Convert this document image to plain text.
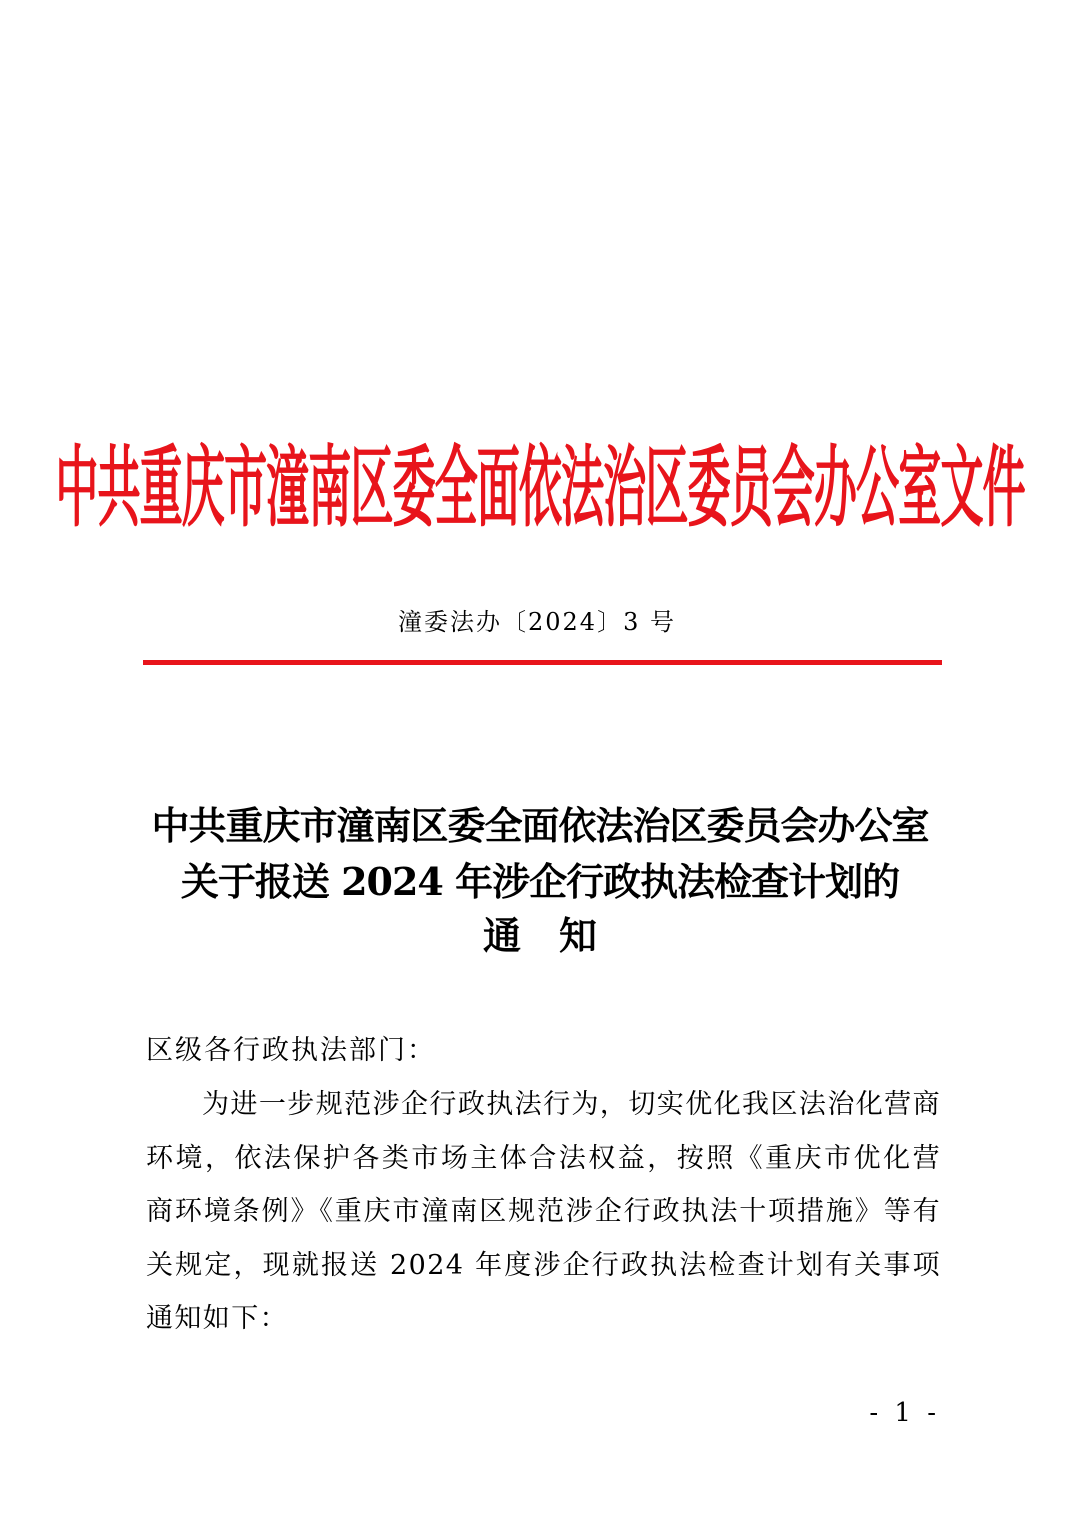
中共重庆市潼南区委全面依法治区委员会办公室文件
潼委法办〔2024〕3 号
中共重庆市潼南区委全面依法治区委员会办公室
关于报送 2024 年涉企行政执法检查计划的
通知
区级各行政执法部门：

为进一步规范涉企行政执法行为，切实优化我区法治化营商环境，依法保护各类市场主体合法权益，按照《重庆市优化营商环境条例》《重庆市潼南区规范涉企行政执法十项措施》等有关规定，现就报送 2024 年度涉企行政执法检查计划有关事项通知如下：

- 1 -
